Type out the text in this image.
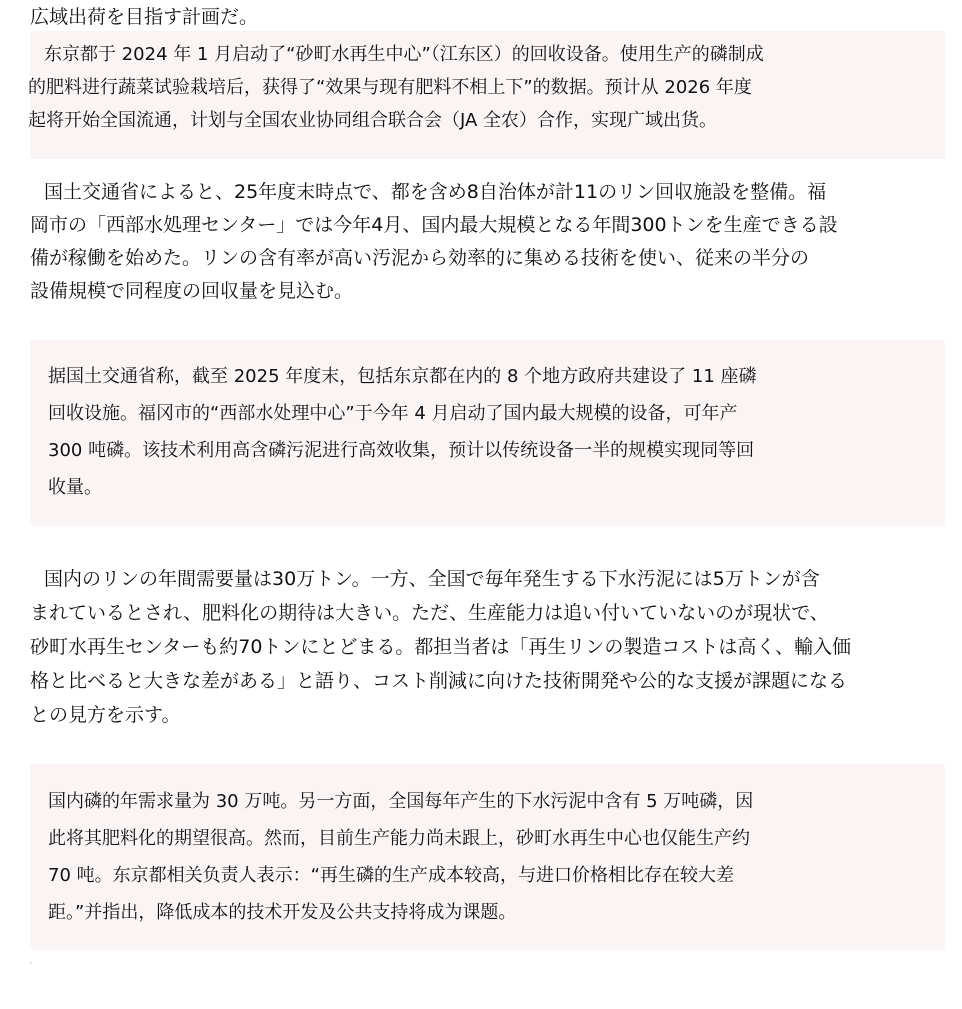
広域出荷を目指す計画だ。
东京都于 2024 年 1 月启动了“砂町水再生中心”（江东区）的回收设备。使用生产的磷制成
的肥料进行蔬菜试验栽培后，获得了“效果与现有肥料不相上下”的数据。预计从 2026 年度
起将开始全国流通，计划与全国农业协同组合联合会（JA 全农）合作，实现广域出货。
国土交通省によると、25年度末時点で、都を含め8自治体が計11のリン回収施設を整備。福
岡市の「西部水処理センター」では今年4月、国内最大規模となる年間300トンを生産できる設
備が稼働を始めた。リンの含有率が高い汚泥から効率的に集める技術を使い、従来の半分の
設備規模で同程度の回収量を見込む。
据国土交通省称，截至 2025 年度末，包括东京都在内的 8 个地方政府共建设了 11 座磷
回收设施。福冈市的“西部水处理中心”于今年 4 月启动了国内最大规模的设备，可年产
300 吨磷。该技术利用高含磷污泥进行高效收集，预计以传统设备一半的规模实现同等回
收量。
国内のリンの年間需要量は30万トン。一方、全国で毎年発生する下水汚泥には5万トンが含
まれているとされ、肥料化の期待は大きい。ただ、生産能力は追い付いていないのが現状で、
砂町水再生センターも約70トンにとどまる。都担当者は「再生リンの製造コストは高く、輸入価
格と比べると大きな差がある」と語り、コスト削減に向けた技術開発や公的な支援が課題になる
との見方を示す。
国内磷的年需求量为 30 万吨。另一方面，全国每年产生的下水污泥中含有 5 万吨磷，因
此将其肥料化的期望很高。然而，目前生产能力尚未跟上，砂町水再生中心也仅能生产约
70 吨。东京都相关负责人表示：“再生磷的生产成本较高，与进口价格相比存在较大差
距。”并指出，降低成本的技术开发及公共支持将成为课题。
